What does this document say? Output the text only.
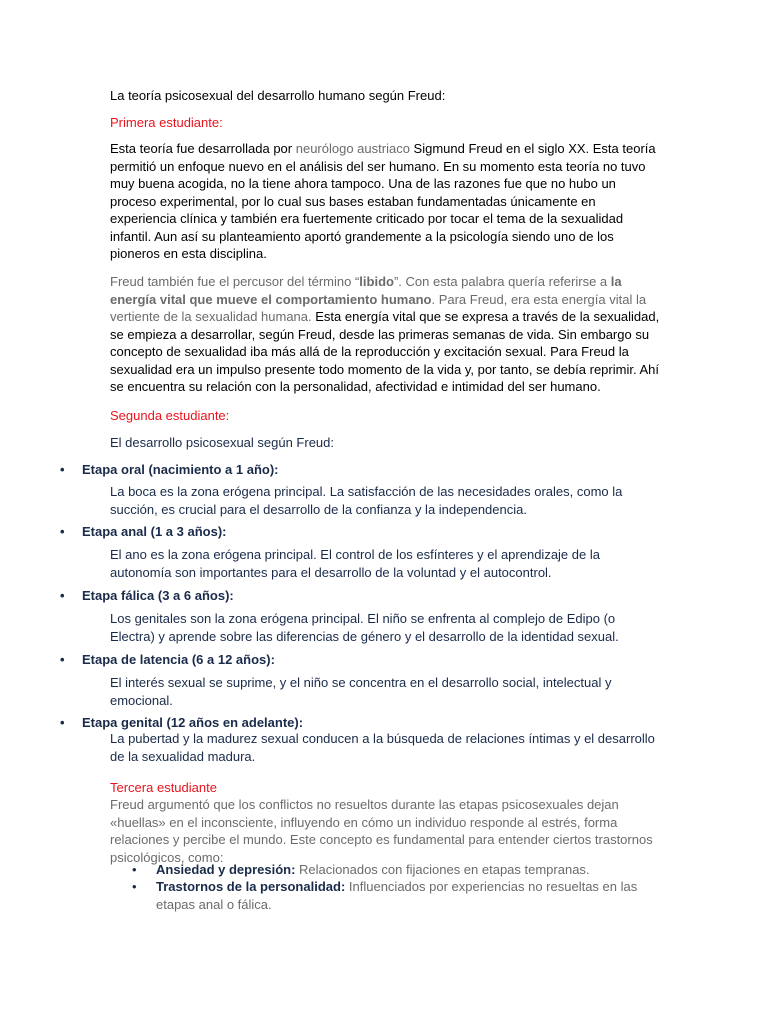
La teoría psicosexual del desarrollo humano según Freud:

Primera estudiante:

Esta teoría fue desarrollada por neurólogo austriaco Sigmund Freud en el siglo XX. Esta teoría permitió un enfoque nuevo en el análisis del ser humano. En su momento esta teoría no tuvo muy buena acogida, no la tiene ahora tampoco. Una de las razones fue que no hubo un proceso experimental, por lo cual sus bases estaban fundamentadas únicamente en experiencia clínica y también era fuertemente criticado por tocar el tema de la sexualidad infantil. Aun así su planteamiento aportó grandemente a la psicología siendo uno de los pioneros en esta disciplina.

Freud también fue el percusor del término “libido”. Con esta palabra quería referirse a la energía vital que mueve el comportamiento humano. Para Freud, era esta energía vital la vertiente de la sexualidad humana. Esta energía vital que se expresa a través de la sexualidad, se empieza a desarrollar, según Freud, desde las primeras semanas de vida. Sin embargo su concepto de sexualidad iba más allá de la reproducción y excitación sexual. Para Freud la sexualidad era un impulso presente todo momento de la vida y, por tanto, se debía reprimir. Ahí se encuentra su relación con la personalidad, afectividad e intimidad del ser humano.

Segunda estudiante:

El desarrollo psicosexual según Freud:

• Etapa oral (nacimiento a 1 año):

La boca es la zona erógena principal. La satisfacción de las necesidades orales, como la succión, es crucial para el desarrollo de la confianza y la independencia.

• Etapa anal (1 a 3 años):

El ano es la zona erógena principal. El control de los esfínteres y el aprendizaje de la autonomía son importantes para el desarrollo de la voluntad y el autocontrol.

• Etapa fálica (3 a 6 años):

Los genitales son la zona erógena principal. El niño se enfrenta al complejo de Edipo (o Electra) y aprende sobre las diferencias de género y el desarrollo de la identidad sexual.

• Etapa de latencia (6 a 12 años):

El interés sexual se suprime, y el niño se concentra en el desarrollo social, intelectual y emocional.

• Etapa genital (12 años en adelante):

La pubertad y la madurez sexual conducen a la búsqueda de relaciones íntimas y el desarrollo de la sexualidad madura.

Tercera estudiante

Freud argumentó que los conflictos no resueltos durante las etapas psicosexuales dejan «huellas» en el inconsciente, influyendo en cómo un individuo responde al estrés, forma relaciones y percibe el mundo. Este concepto es fundamental para entender ciertos trastornos psicológicos, como:

• Ansiedad y depresión: Relacionados con fijaciones en etapas tempranas.
• Trastornos de la personalidad: Influenciados por experiencias no resueltas en las etapas anal o fálica.
